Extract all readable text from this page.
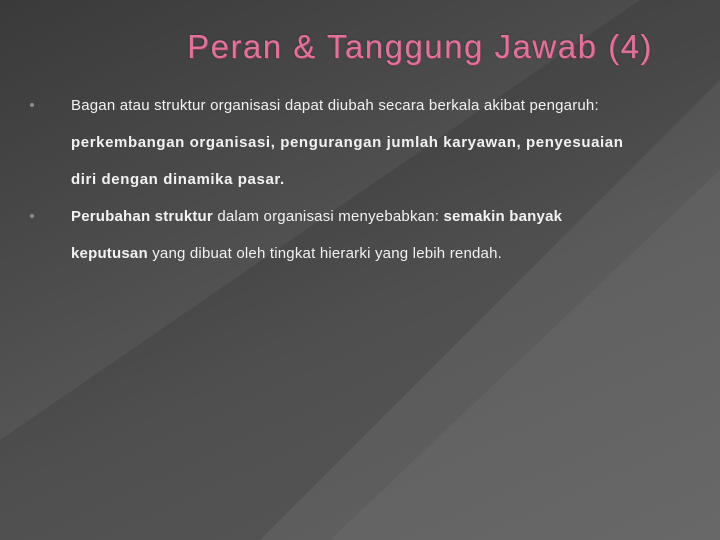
Peran & Tanggung Jawab (4)
Bagan atau struktur organisasi dapat diubah secara berkala akibat pengaruh:
perkembangan organisasi, pengurangan jumlah karyawan, penyesuaian
diri dengan dinamika pasar.
Perubahan struktur dalam organisasi menyebabkan: semakin banyak
keputusan yang dibuat oleh tingkat hierarki yang lebih rendah.
